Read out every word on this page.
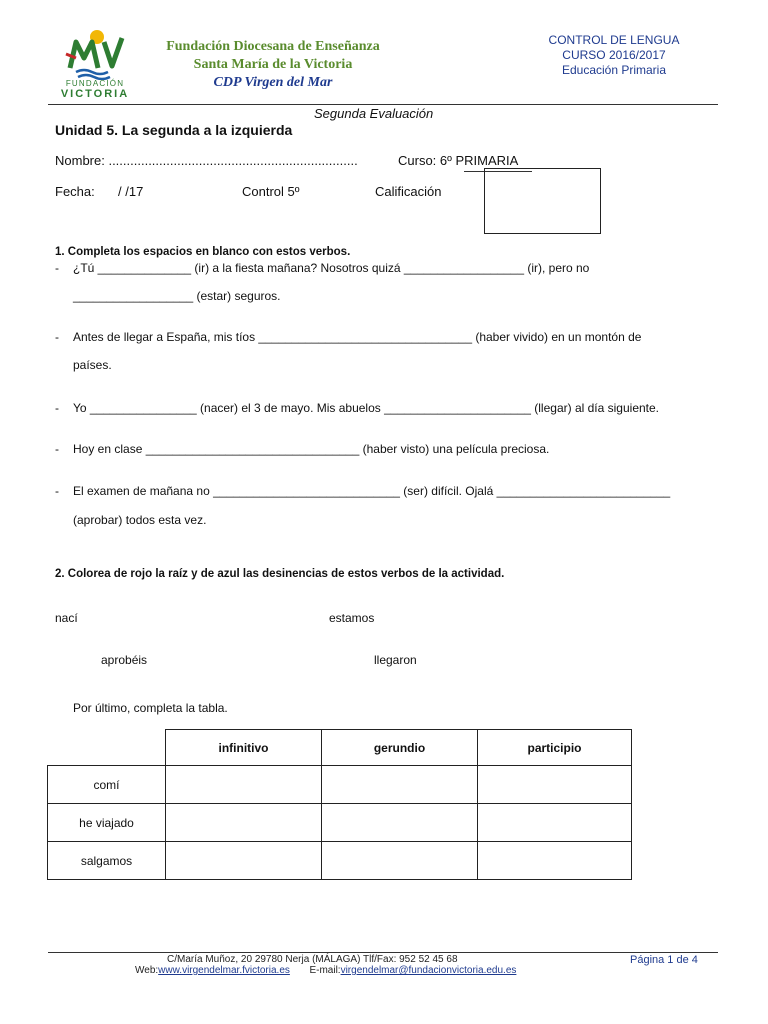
FUNDACIÓN
VICTORIA
Fundación Diocesana de Enseñanza
Santa María de la Victoria
CDP Virgen del Mar
CONTROL DE LENGUA
CURSO 2016/2017
Educación Primaria
Segunda Evaluación
Unidad 5. La segunda a la izquierda
Nombre: .....................................................................	Curso: 6º PRIMARIA
Fecha: / /17	Control 5º	Calificación
1. Completa los espacios en blanco con estos verbos.
- ¿Tú ______________ (ir) a la fiesta mañana? Nosotros quizá __________________ (ir), pero no
__________________ (estar) seguros.
- Antes de llegar a España, mis tíos ________________________________ (haber vivido) en un montón de
países.
- Yo ________________ (nacer) el 3 de mayo. Mis abuelos ______________________ (llegar) al día siguiente.
- Hoy en clase ________________________________ (haber visto) una película preciosa.
- El examen de mañana no ____________________________ (ser) difícil. Ojalá __________________________
(aprobar) todos esta vez.
2. Colorea de rojo la raíz y de azul las desinencias de estos verbos de la actividad.
nací	estamos
aprobéis	llegaron
Por último, completa la tabla.
	infinitivo	gerundio	participio
comí			
he viajado			
salgamos			
C/María Muñoz, 20 29780 Nerja (MÁLAGA) Tlf/Fax: 952 52 45 68
Web:www.virgendelmar.fvictoria.es E-mail:virgendelmar@fundacionvictoria.edu.es
Página 1 de 4
